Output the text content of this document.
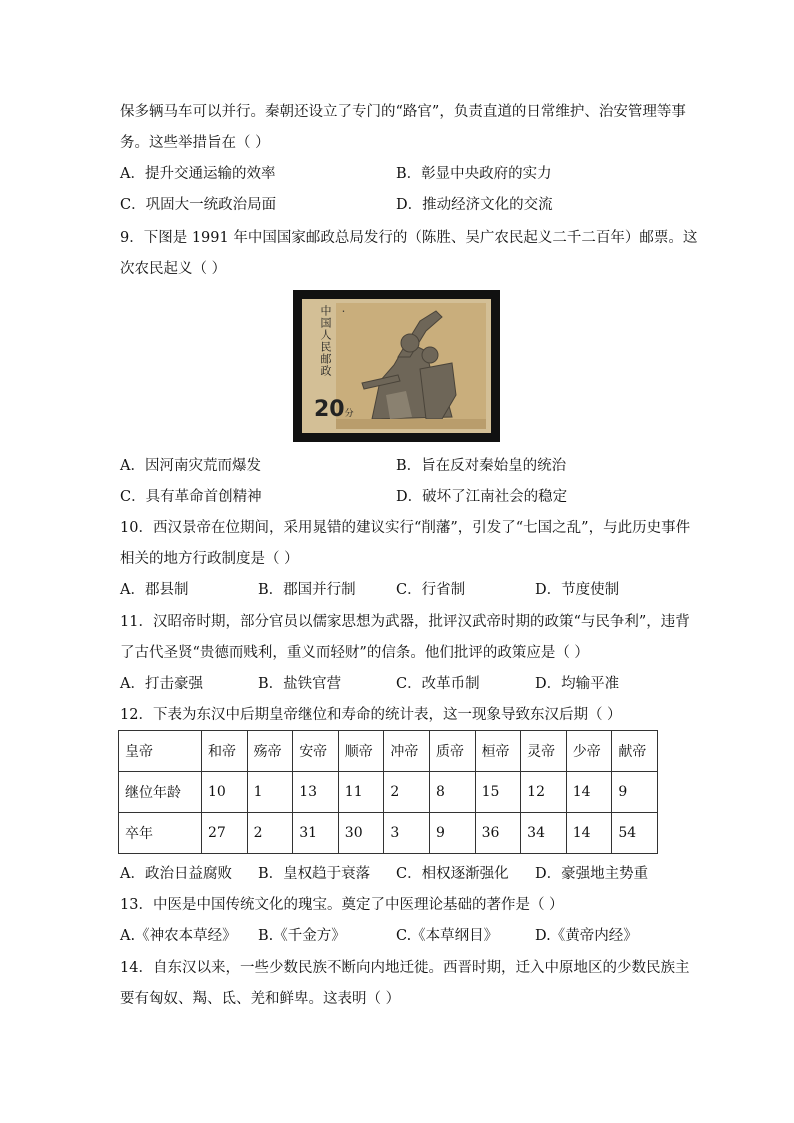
保多辆马车可以并行。秦朝还设立了专门的“路官”，负责直道的日常维护、治安管理等事
务。这些举措旨在（ ）
A．提升交通运输的效率	B．彰显中央政府的实力
C．巩固大一统政治局面	D．推动经济文化的交流
9．下图是 1991 年中国国家邮政总局发行的（陈胜、吴广农民起义二千二百年）邮票。这
次农民起义（ ）
•
中国人民邮政
20分
A．因河南灾荒而爆发	B．旨在反对秦始皇的统治
C．具有革命首创精神	D．破坏了江南社会的稳定
10．西汉景帝在位期间，采用晁错的建议实行“削藩”，引发了“七国之乱”，与此历史事件
相关的地方行政制度是（ ）
A．郡县制	B．郡国并行制	C．行省制	D．节度使制
11．汉昭帝时期，部分官员以儒家思想为武器，批评汉武帝时期的政策“与民争利”，违背
了古代圣贤“贵德而贱利，重义而轻财”的信条。他们批评的政策应是（ ）
A．打击豪强	B．盐铁官营	C．改革币制	D．均输平准
12．下表为东汉中后期皇帝继位和寿命的统计表，这一现象导致东汉后期（ ）
皇帝	和帝	殇帝	安帝	顺帝	冲帝	质帝	桓帝	灵帝	少帝	献帝
继位年龄	10	1	13	11	2	8	15	12	14	9
卒年	27	2	31	30	3	9	36	34	14	54
A．政治日益腐败 B．皇权趋于衰落 C．相权逐渐强化 D．豪强地主势重
13．中医是中国传统文化的瑰宝。奠定了中医理论基础的著作是（ ）
A.《神农本草经》 B.《千金方》	C.《本草纲目》	D.《黄帝内经》
14．自东汉以来，一些少数民族不断向内地迁徙。西晋时期，迁入中原地区的少数民族主
要有匈奴、羯、氐、羌和鲜卑。这表明（ ）
